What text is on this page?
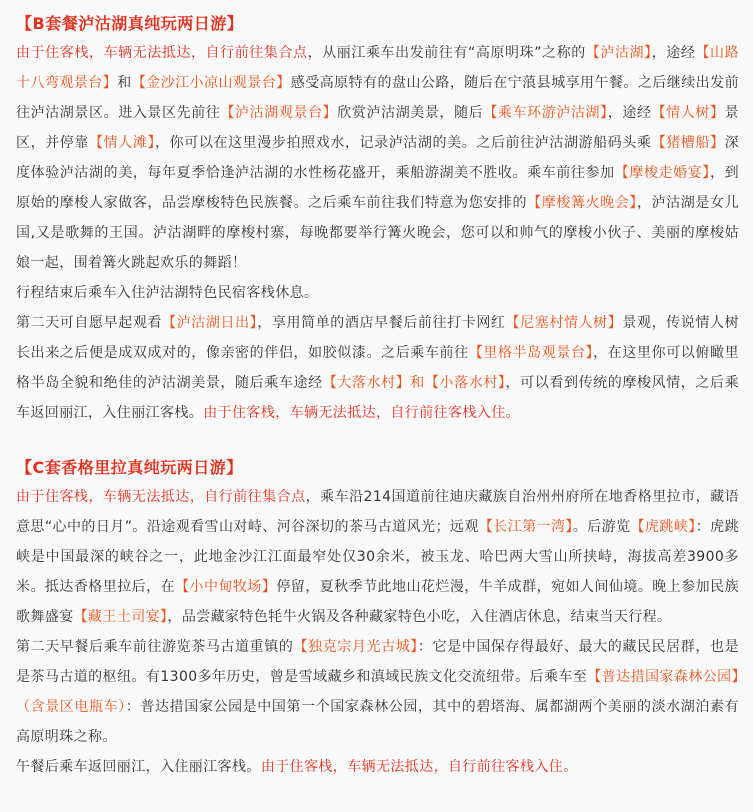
【B套餐泸沽湖真纯玩两日游】

由于住客栈，车辆无法抵达，自行前往集合点，从丽江乘车出发前往有“高原明珠”之称的【泸沽湖】，途经【山路十八弯观景台】和【金沙江小凉山观景台】感受高原特有的盘山公路，随后在宁蒗县城享用午餐。之后继续出发前往泸沽湖景区。进入景区先前往【泸沽湖观景台】欣赏泸沽湖美景，随后【乘车环游泸沽湖】，途经【情人树】景区，并停靠【情人滩】，你可以在这里漫步拍照戏水，记录泸沽湖的美。之后前往泸沽湖游船码头乘【猪槽船】深度体验泸沽湖的美，每年夏季恰逢泸沽湖的水性杨花盛开，乘船游湖美不胜收。乘车前往参加【摩梭走婚宴】，到原始的摩梭人家做客，品尝摩梭特色民族餐。之后乘车前往我们特意为您安排的【摩梭篝火晚会】，泸沽湖是女儿国,又是歌舞的王国。泸沽湖畔的摩梭村寨，每晚都要举行篝火晚会，您可以和帅气的摩梭小伙子、美丽的摩梭姑娘一起，围着篝火跳起欢乐的舞蹈！

行程结束后乘车入住泸沽湖特色民宿客栈休息。

第二天可自愿早起观看【泸沽湖日出】，享用简单的酒店早餐后前往打卡网红【尼塞村情人树】景观，传说情人树长出来之后便是成双成对的，像亲密的伴侣，如胶似漆。之后乘车前往【里格半岛观景台】，在这里你可以俯瞰里格半岛全貌和绝佳的泸沽湖美景，随后乘车途经【大落水村】和【小落水村】，可以看到传统的摩梭风情，之后乘车返回丽江，入住丽江客栈。由于住客栈，车辆无法抵达，自行前往客栈入住。

【C套香格里拉真纯玩两日游】

由于住客栈，车辆无法抵达，自行前往集合点，乘车沿214国道前往迪庆藏族自治州州府所在地香格里拉市，藏语意思“心中的日月”。沿途观看雪山对峙、河谷深切的茶马古道风光；远观【长江第一湾】。后游览【虎跳峡】：虎跳峡是中国最深的峡谷之一，此地金沙江江面最窄处仅30余米，被玉龙、哈巴两大雪山所挟峙，海拔高差3900多米。抵达香格里拉后，在【小中甸牧场】停留，夏秋季节此地山花烂漫，牛羊成群，宛如人间仙境。晚上参加民族歌舞盛宴【藏王土司宴】，品尝藏家特色牦牛火锅及各种藏家特色小吃，入住酒店休息，结束当天行程。

第二天早餐后乘车前往游览茶马古道重镇的【独克宗月光古城】：它是中国保存得最好、最大的藏民民居群，也是是茶马古道的枢纽。有1300多年历史，曾是雪域藏乡和滇域民族文化交流纽带。后乘车至【普达措国家森林公园】（含景区电瓶车）：普达措国家公园是中国第一个国家森林公园，其中的碧塔海、属都湖两个美丽的淡水湖泊素有高原明珠之称。

午餐后乘车返回丽江，入住丽江客栈。由于住客栈，车辆无法抵达，自行前往客栈入住。
